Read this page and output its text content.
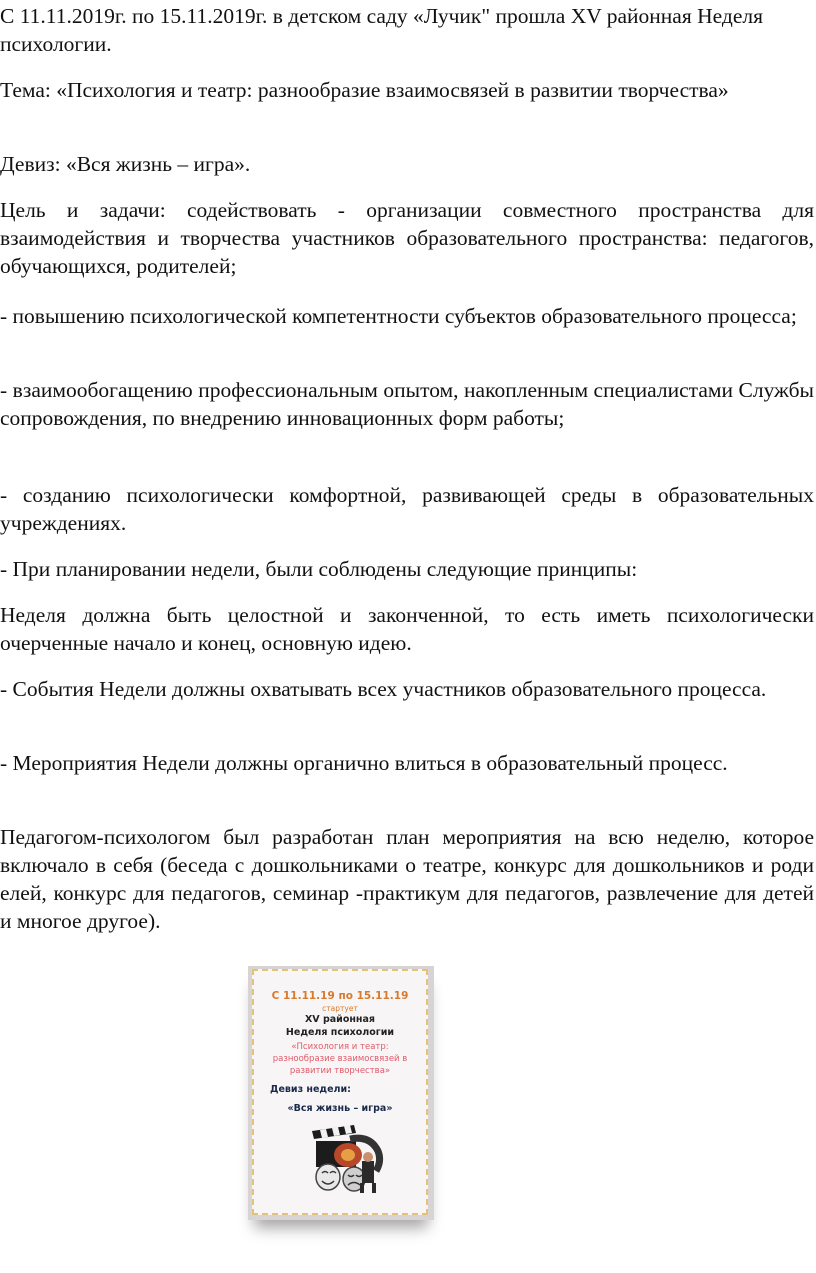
С 11.11.2019г. по 15.11.2019г. в детском саду «Лучик" прошла XV районная Неделя психологии.

Тема: «Психология и театр: разнообразие взаимосвязей в развитии творчества»

Девиз: «Вся жизнь – игра».

Цель и задачи: содействовать - организации совместного пространства для взаимодействия и творчества участников образовательного пространства: педагогов, обучающихся, родителей;

- повышению психологической компетентности субъектов образовательного процесса;

- взаимообогащению профессиональным опытом, накопленным специалистами Службы сопровождения, по внедрению инновационных форм работы;

- созданию психологически комфортной, развивающей среды в образовательных учреждениях.

- При планировании недели, были соблюдены следующие принципы:

Неделя должна быть целостной и законченной, то есть иметь психологически очерченные начало и конец, основную идею.

- События Недели должны охватывать всех участников образовательного процесса.

- Мероприятия Недели должны органично влиться в образовательный процесс.

Педагогом-психологом был разработан план мероприятия на всю неделю, которое включало в себя (беседа с дошкольниками о театре, конкурс для дошкольников и роди елей, конкурс для педагогов, семинар -практикум для педагогов, развлечение для детей и многое другое).

С 11.11.19 по 15.11.19
стартует
XV районная
Неделя психологии
«Психология и театр:
разнообразие взаимосвязей в
развитии творчества»
Девиз недели:
«Вся жизнь – игра»
